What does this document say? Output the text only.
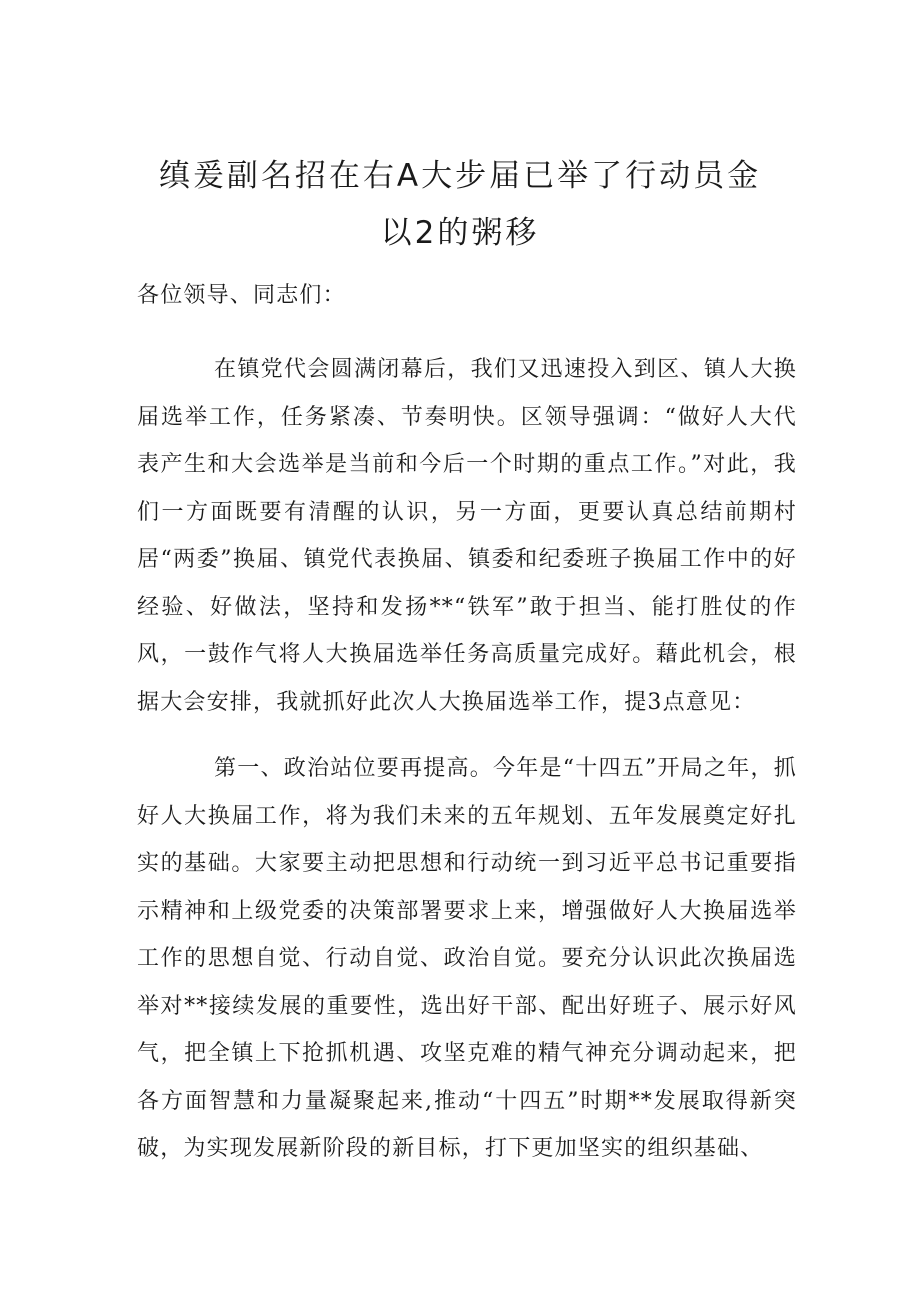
缜爰副名招在右A大步届已举了行动员金
以2的粥移

各位领导、同志们：

在镇党代会圆满闭幕后，我们又迅速投入到区、镇人大换届选举工作，任务紧凑、节奏明快。区领导强调：“做好人大代表产生和大会选举是当前和今后一个时期的重点工作。”对此，我们一方面既要有清醒的认识，另一方面，更要认真总结前期村居“两委”换届、镇党代表换届、镇委和纪委班子换届工作中的好经验、好做法，坚持和发扬**“铁军”敢于担当、能打胜仗的作风，一鼓作气将人大换届选举任务高质量完成好。藉此机会，根据大会安排，我就抓好此次人大换届选举工作，提3点意见：

第一、政治站位要再提高。今年是“十四五”开局之年，抓好人大换届工作，将为我们未来的五年规划、五年发展奠定好扎实的基础。大家要主动把思想和行动统一到习近平总书记重要指示精神和上级党委的决策部署要求上来，增强做好人大换届选举工作的思想自觉、行动自觉、政治自觉。要充分认识此次换届选举对**接续发展的重要性，选出好干部、配出好班子、展示好风气，把全镇上下抢抓机遇、攻坚克难的精气神充分调动起来，把各方面智慧和力量凝聚起来,推动“十四五”时期**发展取得新突破，为实现发展新阶段的新目标，打下更加坚实的组织基础、
